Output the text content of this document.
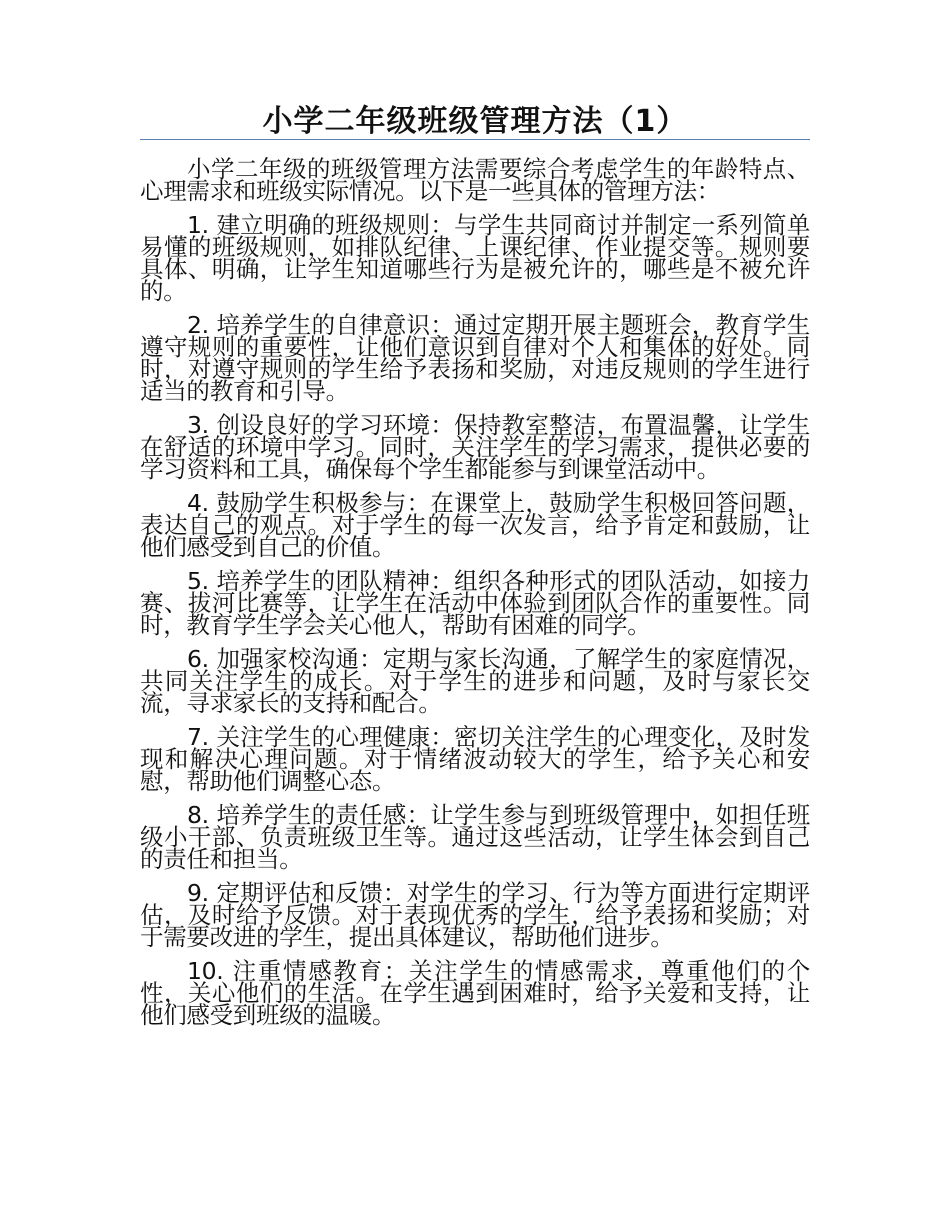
小学二年级班级管理方法（1）

小学二年级的班级管理方法需要综合考虑学生的年龄特点、心理需求和班级实际情况。以下是一些具体的管理方法：

1. 建立明确的班级规则：与学生共同商讨并制定一系列简单易懂的班级规则，如排队纪律、上课纪律、作业提交等。规则要具体、明确，让学生知道哪些行为是被允许的，哪些是不被允许的。

2. 培养学生的自律意识：通过定期开展主题班会，教育学生遵守规则的重要性，让他们意识到自律对个人和集体的好处。同时，对遵守规则的学生给予表扬和奖励，对违反规则的学生进行适当的教育和引导。

3. 创设良好的学习环境：保持教室整洁，布置温馨，让学生在舒适的环境中学习。同时，关注学生的学习需求，提供必要的学习资料和工具，确保每个学生都能参与到课堂活动中。

4. 鼓励学生积极参与：在课堂上，鼓励学生积极回答问题，表达自己的观点。对于学生的每一次发言，给予肯定和鼓励，让他们感受到自己的价值。

5. 培养学生的团队精神：组织各种形式的团队活动，如接力赛、拔河比赛等，让学生在活动中体验到团队合作的重要性。同时，教育学生学会关心他人，帮助有困难的同学。

6. 加强家校沟通：定期与家长沟通，了解学生的家庭情况，共同关注学生的成长。对于学生的进步和问题，及时与家长交流，寻求家长的支持和配合。

7. 关注学生的心理健康：密切关注学生的心理变化，及时发现和解决心理问题。对于情绪波动较大的学生，给予关心和安慰，帮助他们调整心态。

8. 培养学生的责任感：让学生参与到班级管理中，如担任班级小干部、负责班级卫生等。通过这些活动，让学生体会到自己的责任和担当。

9. 定期评估和反馈：对学生的学习、行为等方面进行定期评估，及时给予反馈。对于表现优秀的学生，给予表扬和奖励；对于需要改进的学生，提出具体建议，帮助他们进步。

10. 注重情感教育：关注学生的情感需求，尊重他们的个性，关心他们的生活。在学生遇到困难时，给予关爱和支持，让他们感受到班级的温暖。
